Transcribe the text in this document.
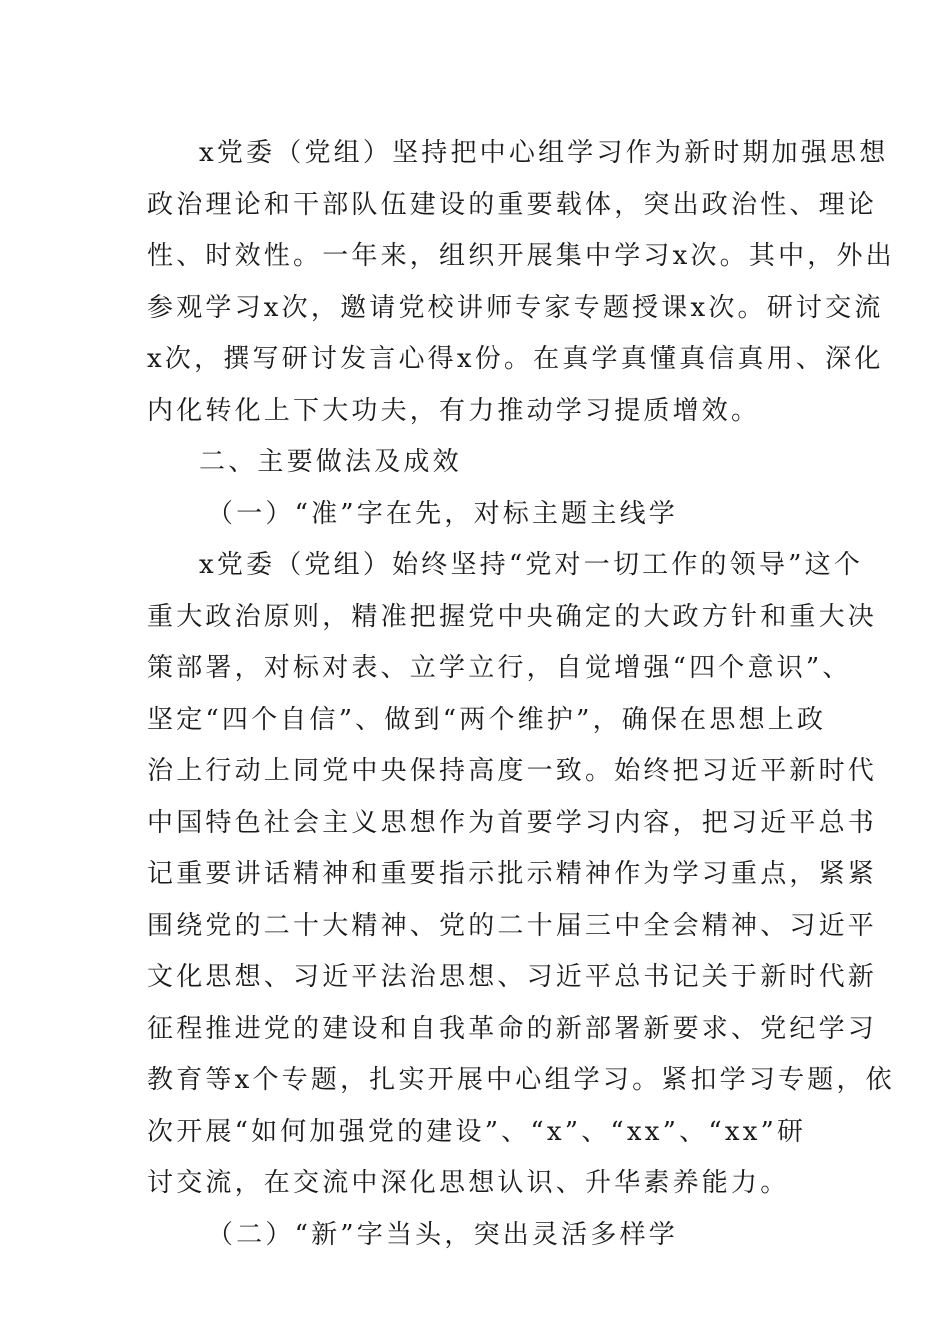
x党委（党组）坚持把中心组学习作为新时期加强思想
政治理论和干部队伍建设的重要载体，突出政治性、理论
性、时效性。一年来，组织开展集中学习x次。其中，外出
参观学习x次，邀请党校讲师专家专题授课x次。研讨交流
x次，撰写研讨发言心得x份。在真学真懂真信真用、深化
内化转化上下大功夫，有力推动学习提质增效。
二、主要做法及成效
（一）“准”字在先，对标主题主线学
x党委（党组）始终坚持“党对一切工作的领导”这个
重大政治原则，精准把握党中央确定的大政方针和重大决
策部署，对标对表、立学立行，自觉增强“四个意识”、
坚定“四个自信”、做到“两个维护”，确保在思想上政
治上行动上同党中央保持高度一致。始终把习近平新时代
中国特色社会主义思想作为首要学习内容，把习近平总书
记重要讲话精神和重要指示批示精神作为学习重点，紧紧
围绕党的二十大精神、党的二十届三中全会精神、习近平
文化思想、习近平法治思想、习近平总书记关于新时代新
征程推进党的建设和自我革命的新部署新要求、党纪学习
教育等x个专题，扎实开展中心组学习。紧扣学习专题，依
次开展“如何加强党的建设”、“x”、“xx”、“xx”研
讨交流，在交流中深化思想认识、升华素养能力。
（二）“新”字当头，突出灵活多样学
